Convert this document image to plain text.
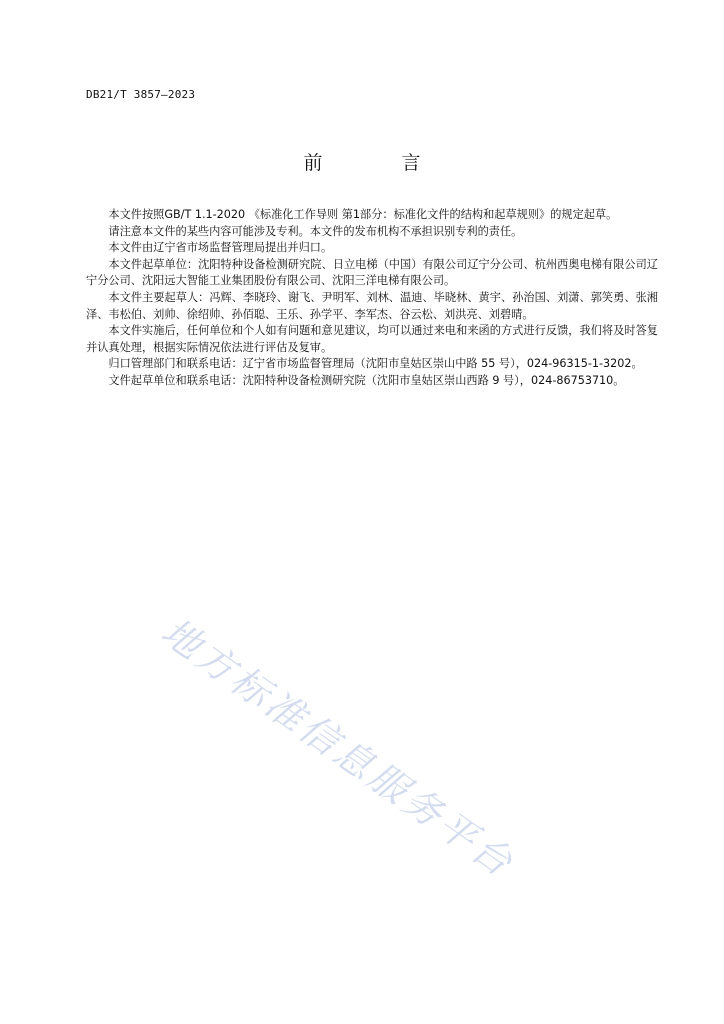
DB21/T 3857—2023
前　言

本文件按照GB/T 1.1-2020 《标准化工作导则 第1部分：标准化文件的结构和起草规则》的规定起草。

请注意本文件的某些内容可能涉及专利。本文件的发布机构不承担识别专利的责任。

本文件由辽宁省市场监督管理局提出并归口。

本文件起草单位：沈阳特种设备检测研究院、日立电梯（中国）有限公司辽宁分公司、杭州西奥电梯有限公司辽宁分公司、沈阳远大智能工业集团股份有限公司、沈阳三洋电梯有限公司。

本文件主要起草人：冯辉、李晓玲、谢飞、尹明军、刘林、温迪、毕晓林、黄宇、孙治国、刘潇、郭笑勇、张湘泽、韦松伯、刘帅、徐绍帅、孙佰聪、王乐、孙学平、李军杰、谷云松、刘洪亮、刘碧晴。

本文件实施后，任何单位和个人如有问题和意见建议，均可以通过来电和来函的方式进行反馈，我们将及时答复并认真处理，根据实际情况依法进行评估及复审。

归口管理部门和联系电话：辽宁省市场监督管理局（沈阳市皇姑区崇山中路 55 号），024-96315-1-3202。

文件起草单位和联系电话：沈阳特种设备检测研究院（沈阳市皇姑区崇山西路 9 号），024-86753710。

地方标准信息服务平台
